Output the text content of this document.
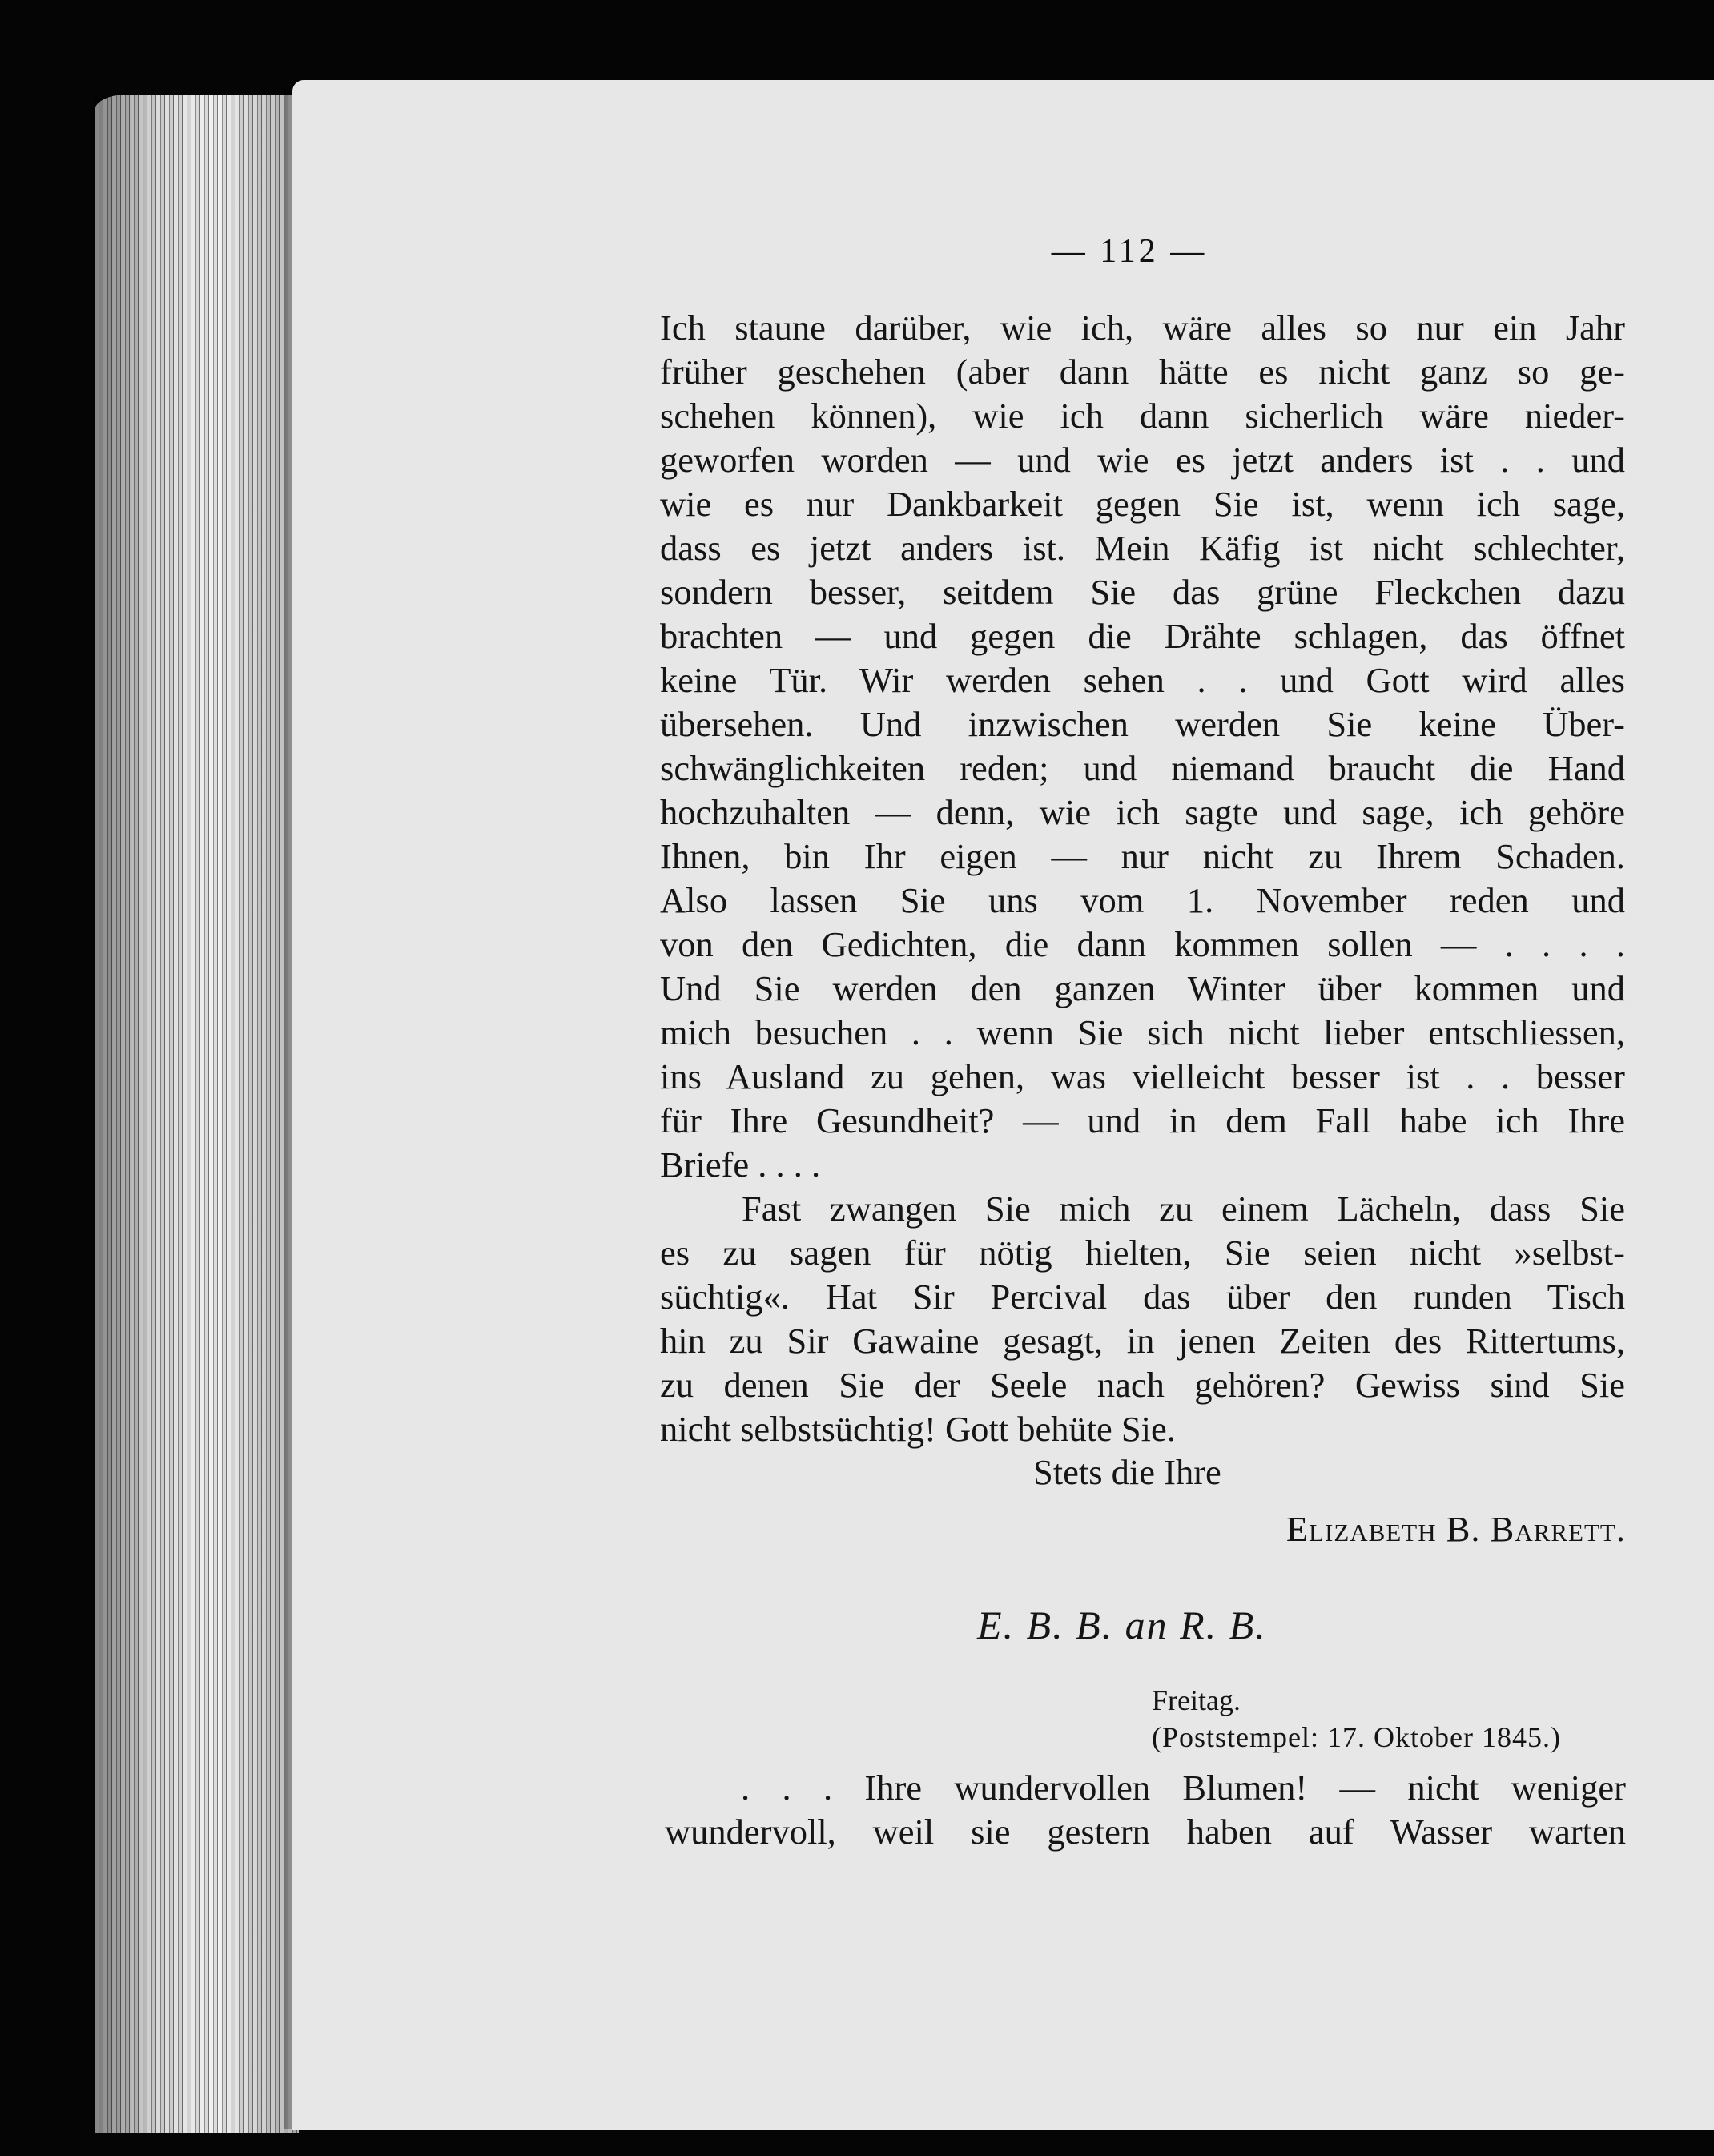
— 112 —
Ich staune darüber, wie ich, wäre alles so nur ein Jahr
früher geschehen (aber dann hätte es nicht ganz so ge-
schehen können), wie ich dann sicherlich wäre nieder-
geworfen worden — und wie es jetzt anders ist . . und
wie es nur Dankbarkeit gegen Sie ist, wenn ich sage,
dass es jetzt anders ist. Mein Käfig ist nicht schlechter,
sondern besser, seitdem Sie das grüne Fleckchen dazu
brachten — und gegen die Drähte schlagen, das öffnet
keine Tür. Wir werden sehen . . und Gott wird alles
übersehen. Und inzwischen werden Sie keine Über-
schwänglichkeiten reden; und niemand braucht die Hand
hochzuhalten — denn, wie ich sagte und sage, ich gehöre
Ihnen, bin Ihr eigen — nur nicht zu Ihrem Schaden.
Also lassen Sie uns vom 1. November reden und
von den Gedichten, die dann kommen sollen — . . . .
Und Sie werden den ganzen Winter über kommen und
mich besuchen . . wenn Sie sich nicht lieber entschliessen,
ins Ausland zu gehen, was vielleicht besser ist . . besser
für Ihre Gesundheit? — und in dem Fall habe ich Ihre
Briefe . . . .
Fast zwangen Sie mich zu einem Lächeln, dass Sie
es zu sagen für nötig hielten, Sie seien nicht »selbst-
süchtig«. Hat Sir Percival das über den runden Tisch
hin zu Sir Gawaine gesagt, in jenen Zeiten des Rittertums,
zu denen Sie der Seele nach gehören? Gewiss sind Sie
nicht selbstsüchtig! Gott behüte Sie.
Stets die Ihre
Elizabeth B. Barrett.
E. B. B. an R. B.
Freitag.
(Poststempel: 17. Oktober 1845.)
. . . Ihre wundervollen Blumen! — nicht weniger
wundervoll, weil sie gestern haben auf Wasser warten
